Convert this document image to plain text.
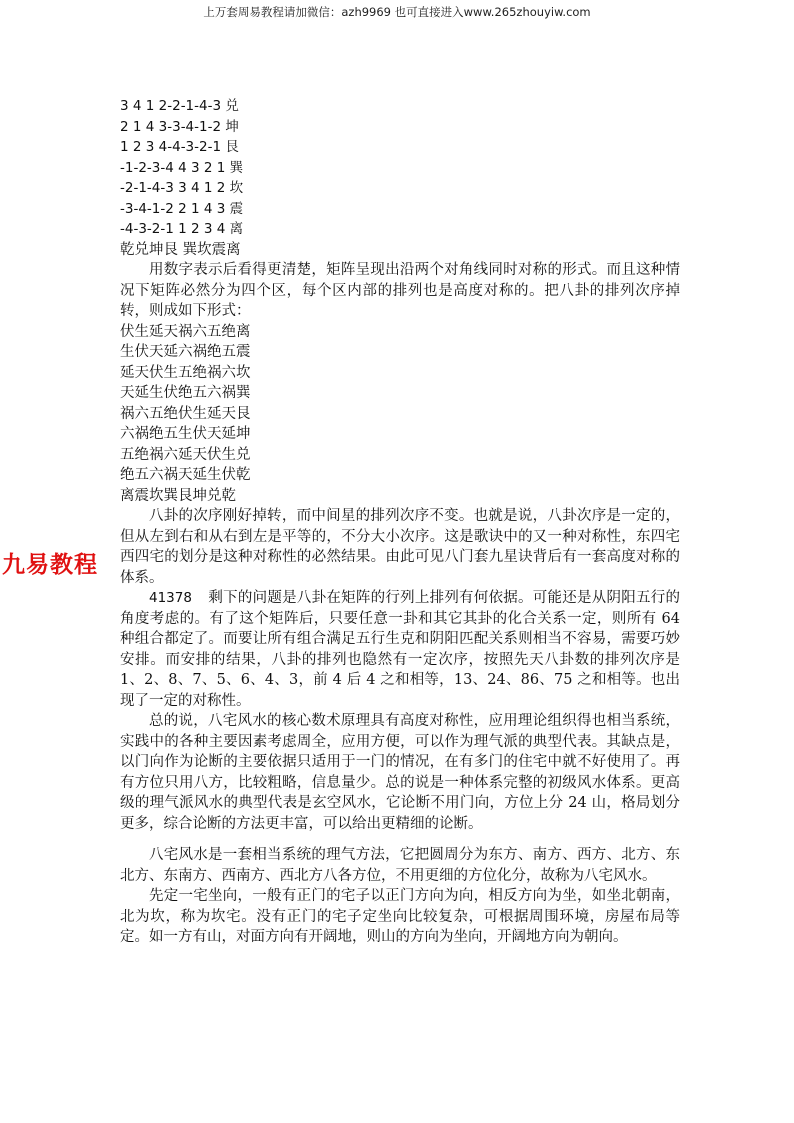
上万套周易教程请加微信：azh9969 也可直接进入www.265zhouyiw.com
九易教程
3 4 1 2-2-1-4-3 兑
2 1 4 3-3-4-1-2 坤
1 2 3 4-4-3-2-1 艮
-1-2-3-4 4 3 2 1 巽
-2-1-4-3 3 4 1 2 坎
-3-4-1-2 2 1 4 3 震
-4-3-2-1 1 2 3 4 离
乾兑坤艮 巽坎震离

用数字表示后看得更清楚，矩阵呈现出沿两个对角线同时对称的形式。而且这种情况下矩阵必然分为四个区，每个区内部的排列也是高度对称的。把八卦的排列次序掉转，则成如下形式：

伏生延天祸六五绝离
生伏天延六祸绝五震
延天伏生五绝祸六坎
天延生伏绝五六祸巽
祸六五绝伏生延天艮
六祸绝五生伏天延坤
五绝祸六延天伏生兑
绝五六祸天延生伏乾
离震坎巽艮坤兑乾

八卦的次序刚好掉转，而中间星的排列次序不变。也就是说，八卦次序是一定的，但从左到右和从右到左是平等的，不分大小次序。这是歌诀中的又一种对称性，东四宅西四宅的划分是这种对称性的必然结果。由此可见八门套九星诀背后有一套高度对称的体系。

41378 剩下的问题是八卦在矩阵的行列上排列有何依据。可能还是从阴阳五行的角度考虑的。有了这个矩阵后，只要任意一卦和其它其卦的化合关系一定，则所有 64 种组合都定了。而要让所有组合满足五行生克和阴阳匹配关系则相当不容易，需要巧妙安排。而安排的结果，八卦的排列也隐然有一定次序，按照先天八卦数的排列次序是 1、2、8、7、5、6、4、3，前 4 后 4 之和相等，13、24、86、75 之和相等。也出现了一定的对称性。

总的说，八宅风水的核心数术原理具有高度对称性，应用理论组织得也相当系统，实践中的各种主要因素考虑周全，应用方便，可以作为理气派的典型代表。其缺点是，以门向作为论断的主要依据只适用于一门的情况，在有多门的住宅中就不好使用了。再有方位只用八方，比较粗略，信息量少。总的说是一种体系完整的初级风水体系。更高级的理气派风水的典型代表是玄空风水，它论断不用门向，方位上分 24 山，格局划分更多，综合论断的方法更丰富，可以给出更精细的论断。

八宅风水是一套相当系统的理气方法，它把圆周分为东方、南方、西方、北方、东北方、东南方、西南方、西北方八各方位，不用更细的方位化分，故称为八宅风水。

先定一宅坐向，一般有正门的宅子以正门方向为向，相反方向为坐，如坐北朝南，北为坎，称为坎宅。没有正门的宅子定坐向比较复杂，可根据周围环境，房屋布局等定。如一方有山，对面方向有开阔地，则山的方向为坐向，开阔地方向为朝向。
